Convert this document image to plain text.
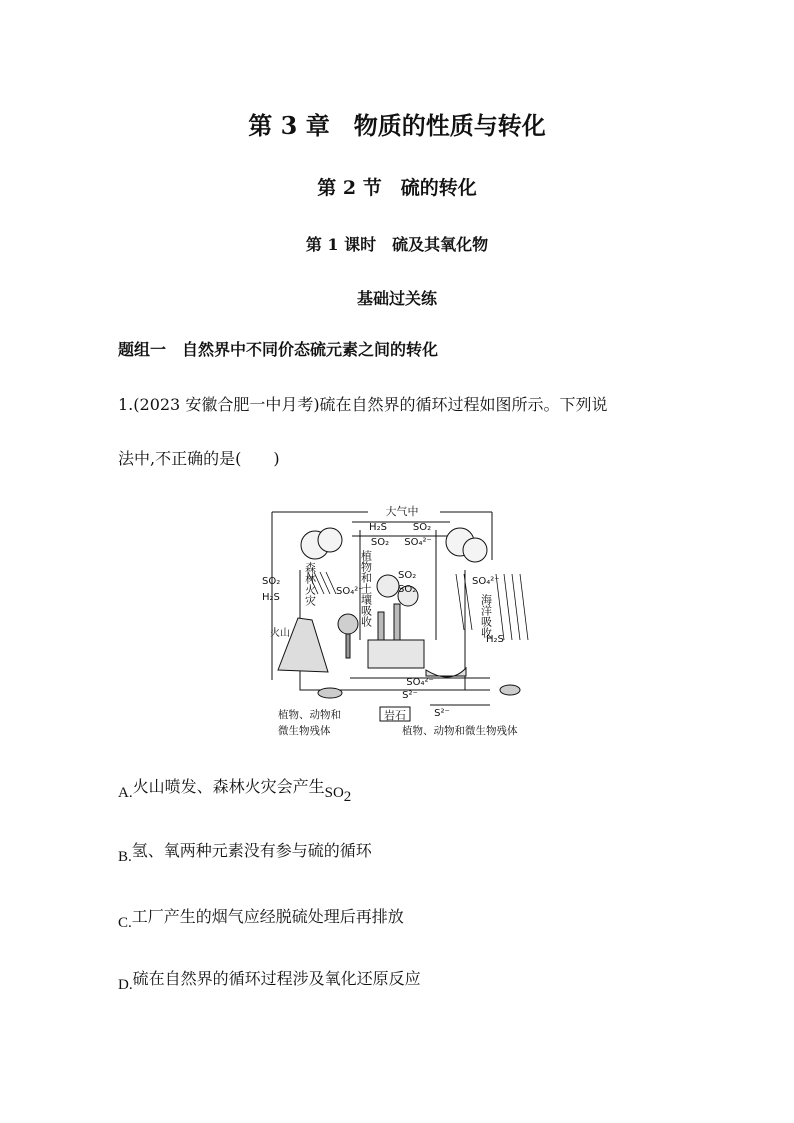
第 3 章　物质的性质与转化
第 2 节　硫的转化
第 1 课时　硫及其氧化物
基础过关练
题组一　自然界中不同价态硫元素之间的转化
1.(2023 安徽合肥一中月考)硫在自然界的循环过程如图所示。下列说
法中,不正确的是(　　)
大气中
H₂S	SO₂
SO₂ SO₄²⁻
SO₂
H₂S
SO₄²⁻
火山
H₂S
SO₂
SO₂
SO₄²⁻
SO₄²⁻
S²⁻
S²⁻
岩石
植物、动物和
微生物残体	植物、动物和微生物残体
森林火灾	植物和土壤吸收	海洋吸收
A.火山喷发、森林火灾会产生$SO_2$
B.氢、氧两种元素没有参与硫的循环
C.工厂产生的烟气应经脱硫处理后再排放
D.硫在自然界的循环过程涉及氧化还原反应
